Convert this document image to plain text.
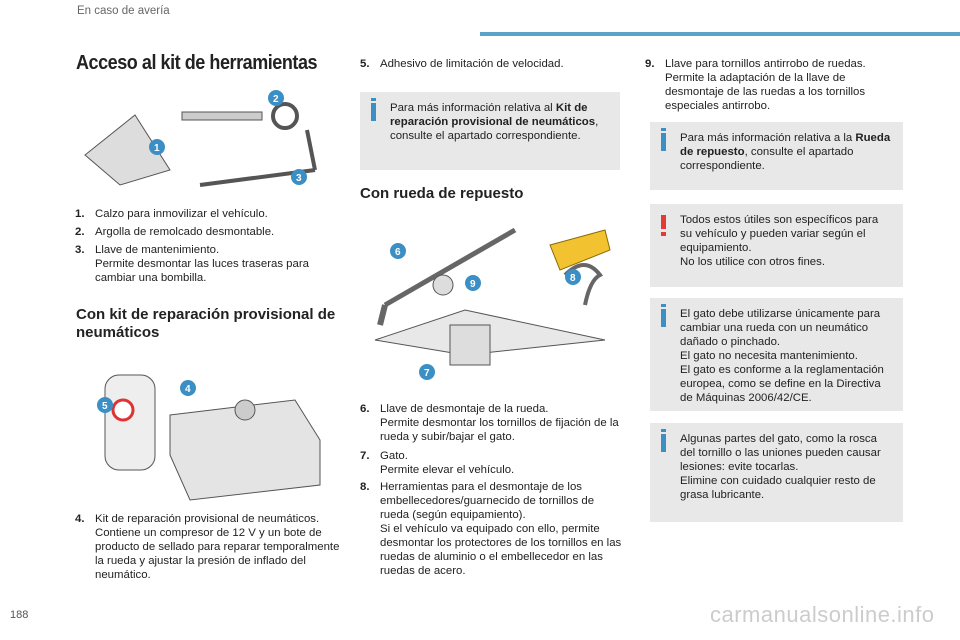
En caso de avería
Acceso al kit de herramientas
1
2
3
1. Calzo para inmovilizar el vehículo.
2. Argolla de remolcado desmontable.
3. Llave de mantenimiento.
Permite desmontar las luces traseras para cambiar una bombilla.
Con kit de reparación provisional de neumáticos
4
5
4. Kit de reparación provisional de neumáticos.
Contiene un compresor de 12 V y un bote de producto de sellado para reparar temporalmente la rueda y ajustar la presión de inflado del neumático.
5. Adhesivo de limitación de velocidad.
Para más información relativa al Kit de reparación provisional de neumáticos, consulte el apartado correspondiente.
Con rueda de repuesto
6
9
8
7
6. Llave de desmontaje de la rueda.
Permite desmontar los tornillos de fijación de la rueda y subir/bajar el gato.
7. Gato.
Permite elevar el vehículo.
8. Herramientas para el desmontaje de los embellecedores/guarnecido de tornillos de rueda (según equipamiento).
Si el vehículo va equipado con ello, permite desmontar los protectores de los tornillos en las ruedas de aluminio o el embellecedor en las ruedas de acero.
9. Llave para tornillos antirrobo de ruedas.
Permite la adaptación de la llave de desmontaje de las ruedas a los tornillos especiales antirrobo.
Para más información relativa a la Rueda de repuesto, consulte el apartado correspondiente.
Todos estos útiles son específicos para su vehículo y pueden variar según el equipamiento.
No los utilice con otros fines.
El gato debe utilizarse únicamente para cambiar una rueda con un neumático dañado o pinchado.
El gato no necesita mantenimiento.
El gato es conforme a la reglamentación europea, como se define en la Directiva de Máquinas 2006/42/CE.
Algunas partes del gato, como la rosca del tornillo o las uniones pueden causar lesiones: evite tocarlas.
Elimine con cuidado cualquier resto de grasa lubricante.
188	carmanualsonline.info
